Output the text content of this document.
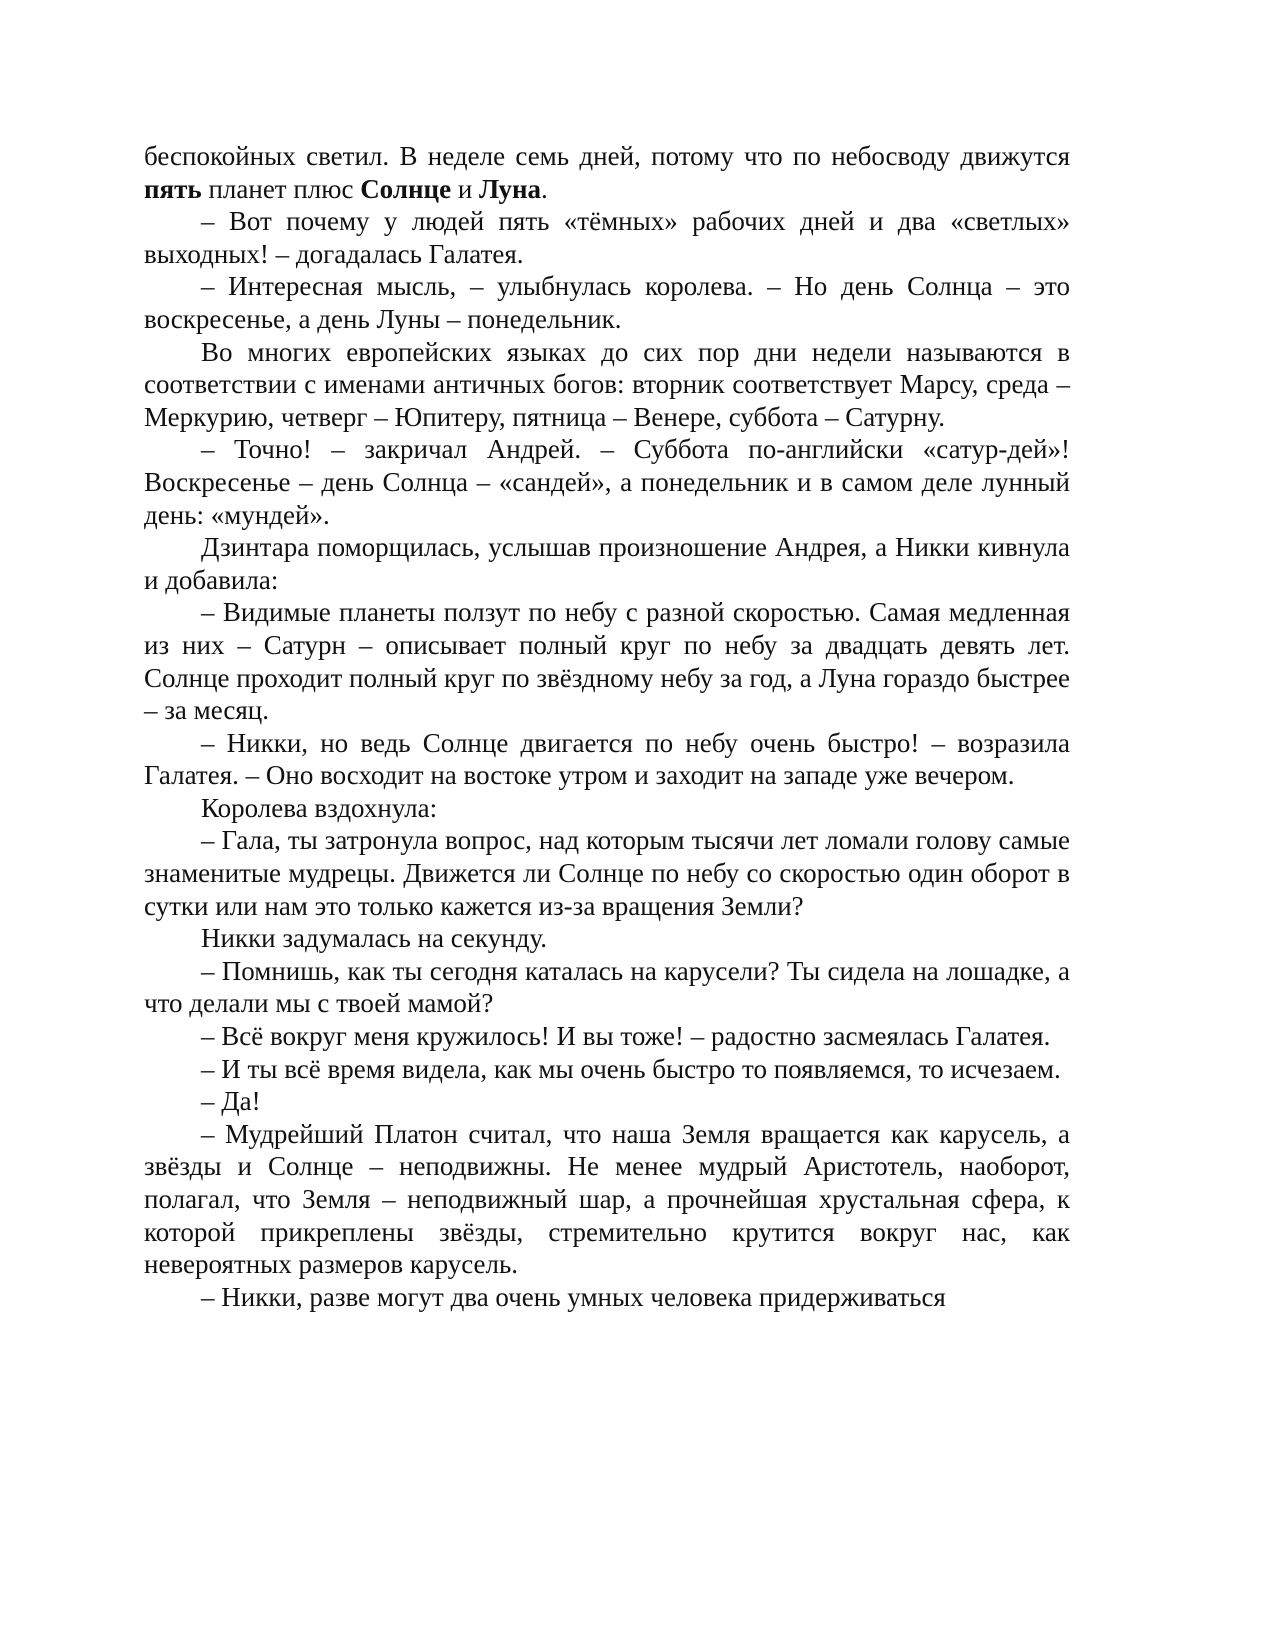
беспокойных светил. В неделе семь дней, потому что по небосводу движутся пять планет плюс Солнце и Луна.

– Вот почему у людей пять «тёмных» рабочих дней и два «светлых» выходных! – догадалась Галатея.

– Интересная мысль, – улыбнулась королева. – Но день Солнца – это воскресенье, а день Луны – понедельник.

Во многих европейских языках до сих пор дни недели называются в соответствии с именами античных богов: вторник соответствует Марсу, среда – Меркурию, четверг – Юпитеру, пятница – Венере, суббота – Сатурну.

– Точно! – закричал Андрей. – Суббота по-английски «сатур-дей»! Воскресенье – день Солнца – «сандей», а понедельник и в самом деле лунный день: «мундей».

Дзинтара поморщилась, услышав произношение Андрея, а Никки кивнула и добавила:

– Видимые планеты ползут по небу с разной скоростью. Самая медленная из них – Сатурн – описывает полный круг по небу за двадцать девять лет. Солнце проходит полный круг по звёздному небу за год, а Луна гораздо быстрее – за месяц.

– Никки, но ведь Солнце двигается по небу очень быстро! – возразила Галатея. – Оно восходит на востоке утром и заходит на западе уже вечером.

Королева вздохнула:

– Гала, ты затронула вопрос, над которым тысячи лет ломали голову самые знаменитые мудрецы. Движется ли Солнце по небу со скоростью один оборот в сутки или нам это только кажется из-за вращения Земли?

Никки задумалась на секунду.

– Помнишь, как ты сегодня каталась на карусели? Ты сидела на лошадке, а что делали мы с твоей мамой?

– Всё вокруг меня кружилось! И вы тоже! – радостно засмеялась Галатея.

– И ты всё время видела, как мы очень быстро то появляемся, то исчезаем.

– Да!

– Мудрейший Платон считал, что наша Земля вращается как карусель, а звёзды и Солнце – неподвижны. Не менее мудрый Аристотель, наоборот, полагал, что Земля – неподвижный шар, а прочнейшая хрустальная сфера, к которой прикреплены звёзды, стремительно крутится вокруг нас, как невероятных размеров карусель.

– Никки, разве могут два очень умных человека придерживаться
